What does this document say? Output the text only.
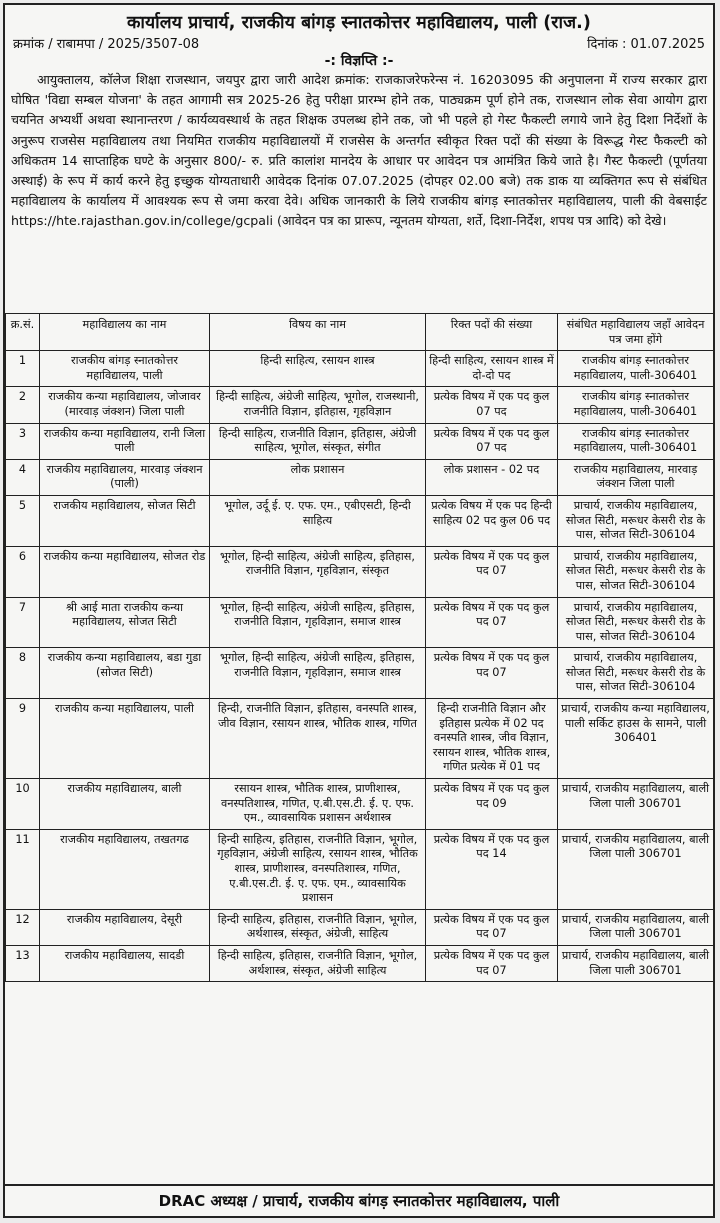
कार्यालय प्राचार्य, राजकीय बांगड़ स्नातकोत्तर महाविद्यालय, पाली (राज.)
क्रमांक / राबामपा / 2025/3507-08	दिनांक : 01.07.2025
-: विज्ञप्ति :-
आयुक्तालय, कॉलेज शिक्षा राजस्थान, जयपुर द्वारा जारी आदेश क्रमांक: राजकाजरेफरेन्स नं. 16203095 की अनुपालना में राज्य सरकार द्वारा घोषित 'विद्या सम्बल योजना' के तहत आगामी सत्र 2025-26 हेतु परीक्षा प्रारम्भ होने तक, पाठ्यक्रम पूर्ण होने तक, राजस्थान लोक सेवा आयोग द्वारा चयनित अभ्यर्थी अथवा स्थानान्तरण / कार्यव्यवस्थार्थ के तहत शिक्षक उपलब्ध होने तक, जो भी पहले हो गेस्ट फैकल्टी लगाये जाने हेतु दिशा निर्देशों के अनुरूप राजसेस महाविद्यालय तथा नियमित राजकीय महाविद्यालयों में राजसेस के अन्तर्गत स्वीकृत रिक्त पदों की संख्या के विरूद्ध गेस्ट फैकल्टी को अधिकतम 14 साप्ताहिक घण्टे के अनुसार 800/- रु. प्रति कालांश मानदेय के आधार पर आवेदन पत्र आमंत्रित किये जाते है। गैस्ट फैकल्टी (पूर्णतया अस्थाई) के रूप में कार्य करने हेतु इच्छुक योग्यताधारी आवेदक दिनांक 07.07.2025 (दोपहर 02.00 बजे) तक डाक या व्यक्तिगत रूप से संबंधित महाविद्यालय के कार्यालय में आवश्यक रूप से जमा करवा देवे। अधिक जानकारी के लिये राजकीय बांगड़ स्नातकोत्तर महाविद्यालय, पाली की वेबसाईट https://hte.rajasthan.gov.in/college/gcpali (आवेदन पत्र का प्रारूप, न्यूनतम योग्यता, शर्ते, दिशा-निर्देश, शपथ पत्र आदि) को देखे।
क्र.सं.	महाविद्यालय का नाम	विषय का नाम	रिक्त पदों की संख्या	संबंधित महाविद्यालय जहाँ आवेदन पत्र जमा होंगे
1	राजकीय बांगड़ स्नातकोत्तर महाविद्यालय, पाली	हिन्दी साहित्य, रसायन शास्त्र	हिन्दी साहित्य, रसायन शास्त्र में दो-दो पद	राजकीय बांगड़ स्नातकोत्तर महाविद्यालय, पाली-306401
2	राजकीय कन्या महाविद्यालय, जोजावर (मारवाड़ जंक्शन) जिला पाली	हिन्दी साहित्य, अंग्रेजी साहित्य, भूगोल, राजस्थानी, राजनीति विज्ञान, इतिहास, गृहविज्ञान	प्रत्येक विषय में एक पद कुल 07 पद	राजकीय बांगड़ स्नातकोत्तर महाविद्यालय, पाली-306401
3	राजकीय कन्या महाविद्यालय, रानी जिला पाली	हिन्दी साहित्य, राजनीति विज्ञान, इतिहास, अंग्रेजी साहित्य, भूगोल, संस्कृत, संगीत	प्रत्येक विषय में एक पद कुल 07 पद	राजकीय बांगड़ स्नातकोत्तर महाविद्यालय, पाली-306401
4	राजकीय महाविद्यालय, मारवाड़ जंक्शन (पाली)	लोक प्रशासन	लोक प्रशासन - 02 पद	राजकीय महाविद्यालय, मारवाड़ जंक्शन जिला पाली
5	राजकीय महाविद्यालय, सोजत सिटी	भूगोल, उर्दू ई. ए. एफ. एम., एबीएसटी, हिन्दी साहित्य	प्रत्येक विषय में एक पद हिन्दी साहित्य 02 पद कुल 06 पद	प्राचार्य, राजकीय महाविद्यालय, सोजत सिटी, मरूधर केसरी रोड के पास, सोजत सिटी-306104
6	राजकीय कन्या महाविद्यालय, सोजत रोड	भूगोल, हिन्दी साहित्य, अंग्रेजी साहित्य, इतिहास, राजनीति विज्ञान, गृहविज्ञान, संस्कृत	प्रत्येक विषय में एक पद कुल पद 07	प्राचार्य, राजकीय महाविद्यालय, सोजत सिटी, मरूधर केसरी रोड के पास, सोजत सिटी-306104
7	श्री आई माता राजकीय कन्या महाविद्यालय, सोजत सिटी	भूगोल, हिन्दी साहित्य, अंग्रेजी साहित्य, इतिहास, राजनीति विज्ञान, गृहविज्ञान, समाज शास्त्र	प्रत्येक विषय में एक पद कुल पद 07	प्राचार्य, राजकीय महाविद्यालय, सोजत सिटी, मरूधर केसरी रोड के पास, सोजत सिटी-306104
8	राजकीय कन्या महाविद्यालय, बडा गुडा (सोजत सिटी)	भूगोल, हिन्दी साहित्य, अंग्रेजी साहित्य, इतिहास, राजनीति विज्ञान, गृहविज्ञान, समाज शास्त्र	प्रत्येक विषय में एक पद कुल पद 07	प्राचार्य, राजकीय महाविद्यालय, सोजत सिटी, मरूधर केसरी रोड के पास, सोजत सिटी-306104
9	राजकीय कन्या महाविद्यालय, पाली	हिन्दी, राजनीति विज्ञान, इतिहास, वनस्पति शास्त्र, जीव विज्ञान, रसायन शास्त्र, भौतिक शास्त्र, गणित	हिन्दी राजनीति विज्ञान और इतिहास प्रत्येक में 02 पद वनस्पति शास्त्र, जीव विज्ञान, रसायन शास्त्र, भौतिक शास्त्र, गणित प्रत्येक में 01 पद	प्राचार्य, राजकीय कन्या महाविद्यालय, पाली सर्किट हाउस के सामने, पाली 306401
10	राजकीय महाविद्यालय, बाली	रसायन शास्त्र, भौतिक शास्त्र, प्राणीशास्त्र, वनस्पतिशास्त्र, गणित, ए.बी.एस.टी. ई. ए. एफ. एम., व्यावसायिक प्रशासन अर्थशास्त्र	प्रत्येक विषय में एक पद कुल पद 09	प्राचार्य, राजकीय महाविद्यालय, बाली जिला पाली 306701
11	राजकीय महाविद्यालय, तखतगढ	हिन्दी साहित्य, इतिहास, राजनीति विज्ञान, भूगोल, गृहविज्ञान, अंग्रेजी साहित्य, रसायन शास्त्र, भौतिक शास्त्र, प्राणीशास्त्र, वनस्पतिशास्त्र, गणित, ए.बी.एस.टी. ई. ए. एफ. एम., व्यावसायिक प्रशासन	प्रत्येक विषय में एक पद कुल पद 14	प्राचार्य, राजकीय महाविद्यालय, बाली जिला पाली 306701
12	राजकीय महाविद्यालय, देसूरी	हिन्दी साहित्य, इतिहास, राजनीति विज्ञान, भूगोल, अर्थशास्त्र, संस्कृत, अंग्रेजी, साहित्य	प्रत्येक विषय में एक पद कुल पद 07	प्राचार्य, राजकीय महाविद्यालय, बाली जिला पाली 306701
13	राजकीय महाविद्यालय, सादडी	हिन्दी साहित्य, इतिहास, राजनीति विज्ञान, भूगोल, अर्थशास्त्र, संस्कृत, अंग्रेजी साहित्य	प्रत्येक विषय में एक पद कुल पद 07	प्राचार्य, राजकीय महाविद्यालय, बाली जिला पाली 306701
DRAC अध्यक्ष / प्राचार्य, राजकीय बांगड़ स्नातकोत्तर महाविद्यालय, पाली
